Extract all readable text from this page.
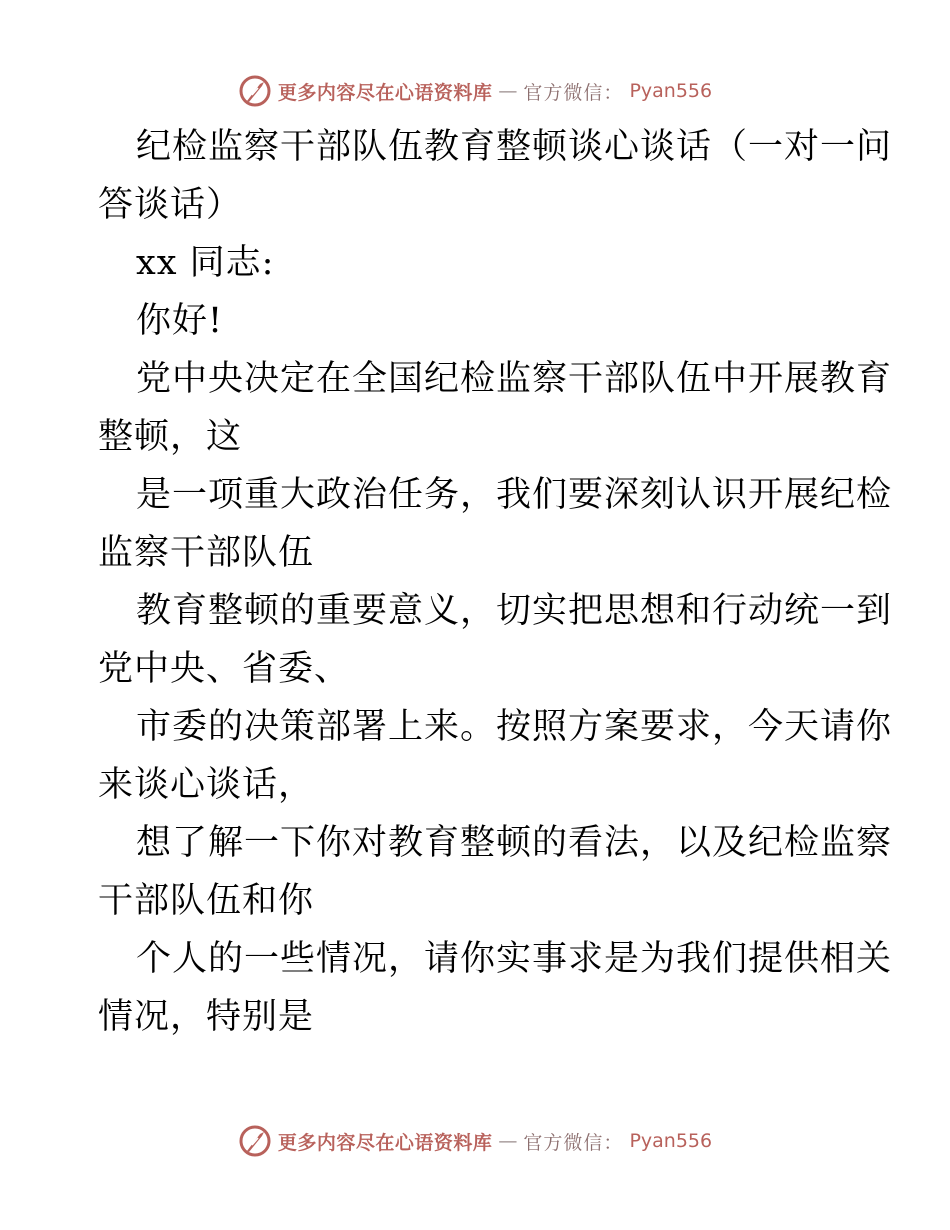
更多内容尽在心语资料库 — 官方微信： Pyan556
纪检监察干部队伍教育整顿谈心谈话（一对一问
答谈话）
xx 同志:
你好!
党中央决定在全国纪检监察干部队伍中开展教育
整顿，这
是一项重大政治任务，我们要深刻认识开展纪检
监察干部队伍
教育整顿的重要意义，切实把思想和行动统一到
党中央、省委、
市委的决策部署上来。按照方案要求，今天请你
来谈心谈话，
想了解一下你对教育整顿的看法，以及纪检监察
干部队伍和你
个人的一些情况，请你实事求是为我们提供相关
情况，特别是
更多内容尽在心语资料库 — 官方微信： Pyan556
